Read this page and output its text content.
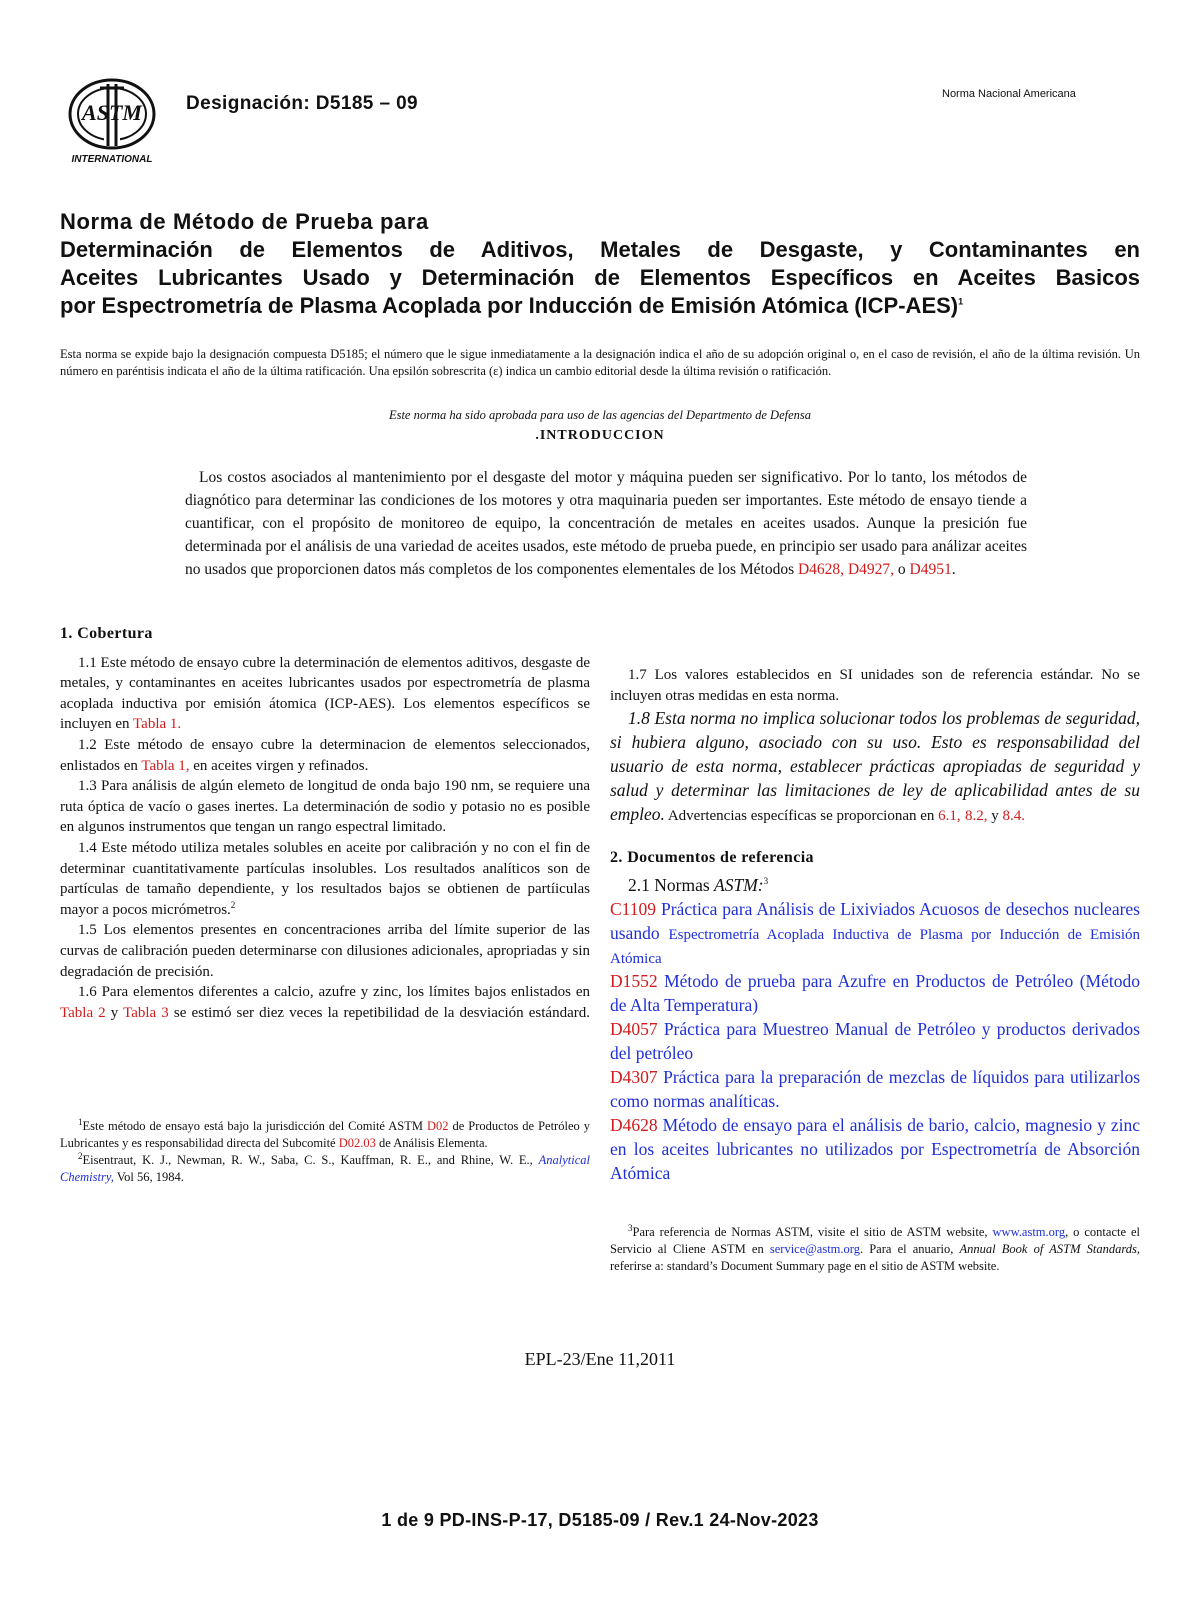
ASTM
INTERNATIONAL
Designación: D5185 – 09	Norma Nacional Americana
Norma de Método de Prueba para
Determinación de Elementos de Aditivos, Metales de Desgaste, y Contaminantes en
Aceites Lubricantes Usado y Determinación de Elementos Específicos en Aceites Basicos
por Espectrometría de Plasma Acoplada por Inducción de Emisión Atómica $(ICP-AES)^1$
Esta norma se expide bajo la designación compuesta D5185; el número que le sigue inmediatamente a la designación indica el año de su adopción original o, en el caso de revisión, el año de la última revisión. Un número en paréntisis indicata el año de la última ratificación. Una epsilón sobrescrita (ε) indica un cambio editorial desde la última revisión o ratificación.
Este norma ha sido aprobada para uso de las agencias del Departmento de Defensa
.INTRODUCCION
Los costos asociados al mantenimiento por el desgaste del motor y máquina pueden ser significativo. Por lo tanto, los métodos de diagnótico para determinar las condiciones de los motores y otra maquinaria pueden ser importantes. Este método de ensayo tiende a cuantificar, con el propósito de monitoreo de equipo, la concentración de metales en aceites usados. Aunque la presición fue determinada por el análisis de una variedad de aceites usados, este método de prueba puede, en principio ser usado para análizar aceites no usados que proporcionen datos más completos de los componentes elementales de los Métodos D4628, D4927, o D4951.

1. Cobertura

1.1 Este método de ensayo cubre la determinación de elementos aditivos, desgaste de metales, y contaminantes en aceites lubricantes usados por espectrometría de plasma acoplada inductiva por emisión átomica (ICP-AES). Los elementos específicos se incluyen en Tabla 1.

1.2 Este método de ensayo cubre la determinacion de elementos seleccionados, enlistados en Tabla 1, en aceites virgen y refinados.

1.3 Para análisis de algún elemeto de longitud de onda bajo 190 nm, se requiere una ruta óptica de vacío o gases inertes. La determinación de sodio y potasio no es posible en algunos instrumentos que tengan un rango espectral limitado.

1.4 Este método utiliza metales solubles en aceite por calibración y no con el fin de determinar cuantitativamente partículas insolubles. Los resultados analíticos son de partículas de tamaño dependiente, y los resultados bajos se obtienen de partíiculas mayor a pocos micrómetros.$^2$

1.5 Los elementos presentes en concentraciones arriba del límite superior de las curvas de calibración pueden determinarse con dilusiones adicionales, apropriadas y sin degradación de precisión.

1.6 Para elementos diferentes a calcio, azufre y zinc, los límites bajos enlistados en Tabla 2 y Tabla 3 se estimó ser diez veces la repetibilidad de la desviación estándard.

1.7 Los valores establecidos en SI unidades son de referencia estándar. No se incluyen otras medidas en esta norma.

1.8 Esta norma no implica solucionar todos los problemas de seguridad, si hubiera alguno, asociado con su uso. Esto es responsabilidad del usuario de esta norma, establecer prácticas apropiadas de seguridad y salud y determinar las limitaciones de ley de aplicabilidad antes de su empleo. Advertencias específicas se proporcionan en 6.1, 8.2, y 8.4.

2. Documentos de referencia

2.1 Normas ASTM:$^3$

C1109 Práctica para Análisis de Lixiviados Acuosos de desechos nucleares usando Espectrometría Acoplada Inductiva de Plasma por Inducción de Emisión Atómica

D1552 Método de prueba para Azufre en Productos de Petróleo (Método de Alta Temperatura)

D4057 Práctica para Muestreo Manual de Petróleo y productos derivados del petróleo

D4307 Práctica para la preparación de mezclas de líquidos para utilizarlos como normas analíticas.

D4628 Método de ensayo para el análisis de bario, calcio, magnesio y zinc en los aceites lubricantes no utilizados por Espectrometría de Absorción Atómica

$^1$Este método de ensayo está bajo la jurisdicción del Comité ASTM D02 de Productos de Petróleo y Lubricantes y es responsabilidad directa del Subcomité D02.03 de Análisis Elementa.

$^2$Eisentraut, K. J., Newman, R. W., Saba, C. S., Kauffman, R. E., and Rhine, W. E., Analytical Chemistry, Vol 56, 1984.

$^3$Para referencia de Normas ASTM, visite el sitio de ASTM website, www.astm.org, o contacte el Servicio al Cliene ASTM en service@astm.org. Para el anuario, Annual Book of ASTM Standards, referirse a: standard’s Document Summary page en el sitio de ASTM website.

EPL-23/Ene 11,2011
1 de 9 PD-INS-P-17, D5185-09 / Rev.1 24-Nov-2023
